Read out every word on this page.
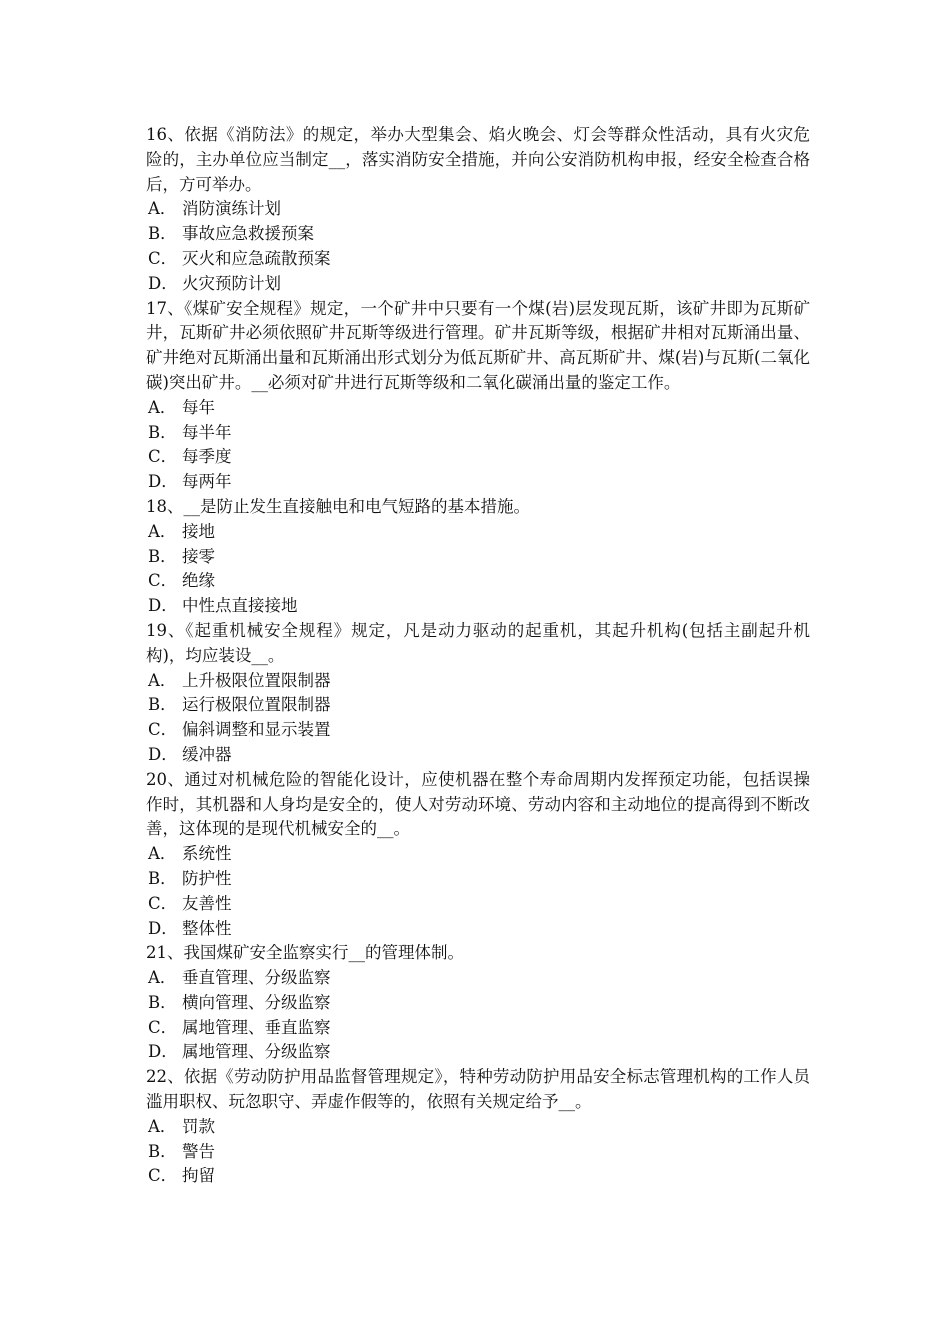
16、依据《消防法》的规定，举办大型集会、焰火晚会、灯会等群众性活动，具有火灾危险的，主办单位应当制定__，落实消防安全措施，并向公安消防机构申报，经安全检查合格后，方可举办。

A． 消防演练计划
B． 事故应急救援预案
C． 灭火和应急疏散预案
D． 火灾预防计划

17、《煤矿安全规程》规定，一个矿井中只要有一个煤(岩)层发现瓦斯，该矿井即为瓦斯矿井，瓦斯矿井必须依照矿井瓦斯等级进行管理。矿井瓦斯等级，根据矿井相对瓦斯涌出量、矿井绝对瓦斯涌出量和瓦斯涌出形式划分为低瓦斯矿井、高瓦斯矿井、煤(岩)与瓦斯(二氧化碳)突出矿井。__必须对矿井进行瓦斯等级和二氧化碳涌出量的鉴定工作。

A． 每年
B． 每半年
C． 每季度
D． 每两年

18、__是防止发生直接触电和电气短路的基本措施。

A． 接地
B． 接零
C． 绝缘
D． 中性点直接接地

19、《起重机械安全规程》规定，凡是动力驱动的起重机，其起升机构(包括主副起升机构)，均应装设__。

A． 上升极限位置限制器
B． 运行极限位置限制器
C． 偏斜调整和显示装置
D． 缓冲器

20、通过对机械危险的智能化设计，应使机器在整个寿命周期内发挥预定功能，包括误操作时，其机器和人身均是安全的，使人对劳动环境、劳动内容和主动地位的提高得到不断改善，这体现的是现代机械安全的__。

A． 系统性
B． 防护性
C． 友善性
D． 整体性

21、我国煤矿安全监察实行__的管理体制。

A． 垂直管理、分级监察
B． 横向管理、分级监察
C． 属地管理、垂直监察
D． 属地管理、分级监察

22、依据《劳动防护用品监督管理规定》，特种劳动防护用品安全标志管理机构的工作人员滥用职权、玩忽职守、弄虚作假等的，依照有关规定给予__。

A． 罚款
B． 警告
C． 拘留
